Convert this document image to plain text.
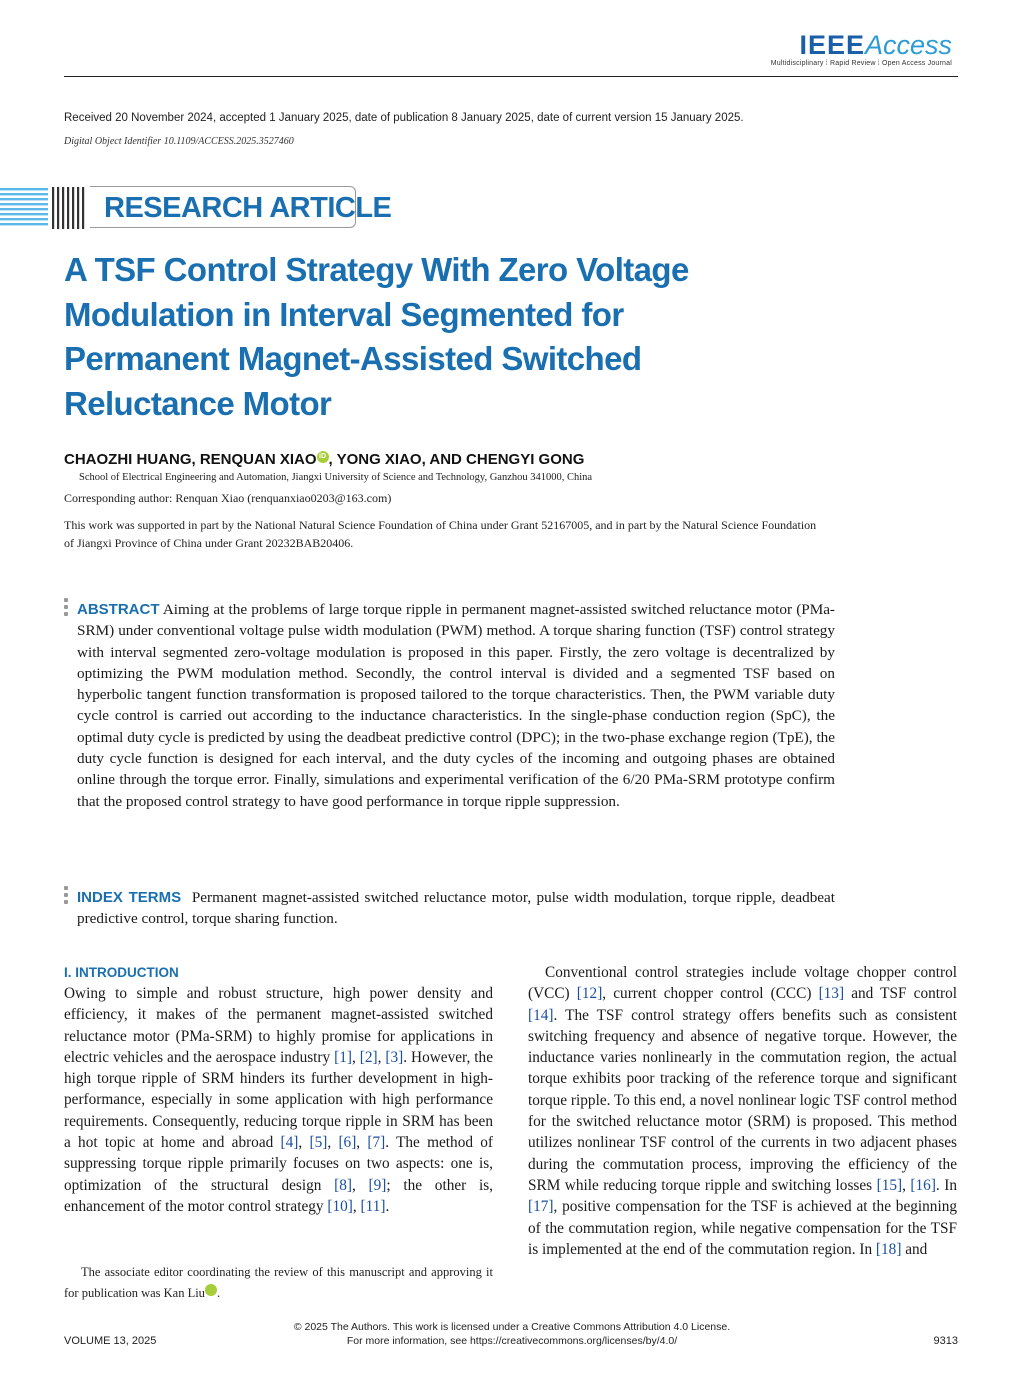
IEEEAccess
Multidisciplinary ⁞ Rapid Review ⁞ Open Access Journal
Received 20 November 2024, accepted 1 January 2025, date of publication 8 January 2025, date of current version 15 January 2025.
Digital Object Identifier 10.1109/ACCESS.2025.3527460
RESEARCH ARTICLE
A TSF Control Strategy With Zero Voltage Modulation in Interval Segmented for Permanent Magnet-Assisted Switched Reluctance Motor
CHAOZHI HUANG, RENQUAN XIAO iD , YONG XIAO, AND CHENGYI GONG
School of Electrical Engineering and Automation, Jiangxi University of Science and Technology, Ganzhou 341000, China
Corresponding author: Renquan Xiao (renquanxiao0203@163.com)
This work was supported in part by the National Natural Science Foundation of China under Grant 52167005, and in part by the Natural Science Foundation of Jiangxi Province of China under Grant 20232BAB20406.
ABSTRACT Aiming at the problems of large torque ripple in permanent magnet-assisted switched reluctance motor (PMa-SRM) under conventional voltage pulse width modulation (PWM) method. A torque sharing function (TSF) control strategy with interval segmented zero-voltage modulation is proposed in this paper. Firstly, the zero voltage is decentralized by optimizing the PWM modulation method. Secondly, the control interval is divided and a segmented TSF based on hyperbolic tangent function transformation is proposed tailored to the torque characteristics. Then, the PWM variable duty cycle control is carried out according to the inductance characteristics. In the single-phase conduction region (SpC), the optimal duty cycle is predicted by using the deadbeat predictive control (DPC); in the two-phase exchange region (TpE), the duty cycle function is designed for each interval, and the duty cycles of the incoming and outgoing phases are obtained online through the torque error. Finally, simulations and experimental verification of the 6/20 PMa-SRM prototype confirm that the proposed control strategy to have good performance in torque ripple suppression.
INDEX TERMS Permanent magnet-assisted switched reluctance motor, pulse width modulation, torque ripple, deadbeat predictive control, torque sharing function.
I. INTRODUCTION
Owing to simple and robust structure, high power density and efficiency, it makes of the permanent magnet-assisted switched reluctance motor (PMa-SRM) to highly promise for applications in electric vehicles and the aerospace industry [1], [2], [3]. However, the high torque ripple of SRM hinders its further development in high-performance, especially in some application with high performance requirements. Consequently, reducing torque ripple in SRM has been a hot topic at home and abroad [4], [5], [6], [7]. The method of suppressing torque ripple primarily focuses on two aspects: one is, optimization of the structural design [8], [9]; the other is, enhancement of the motor control strategy [10], [11].
The associate editor coordinating the review of this manuscript and approving it for publication was Kan Liu iD.
Conventional control strategies include voltage chopper control (VCC) [12], current chopper control (CCC) [13] and TSF control [14]. The TSF control strategy offers benefits such as consistent switching frequency and absence of negative torque. However, the inductance varies nonlinearly in the commutation region, the actual torque exhibits poor tracking of the reference torque and significant torque ripple. To this end, a novel nonlinear logic TSF control method for the switched reluctance motor (SRM) is proposed. This method utilizes nonlinear TSF control of the currents in two adjacent phases during the commutation process, improving the efficiency of the SRM while reducing torque ripple and switching losses [15], [16]. In [17], positive compensation for the TSF is achieved at the beginning of the commutation region, while negative compensation for the TSF is implemented at the end of the commutation region. In [18] and
© 2025 The Authors. This work is licensed under a Creative Commons Attribution 4.0 License.
For more information, see https://creativecommons.org/licenses/by/4.0/
VOLUME 13, 2025	9313
